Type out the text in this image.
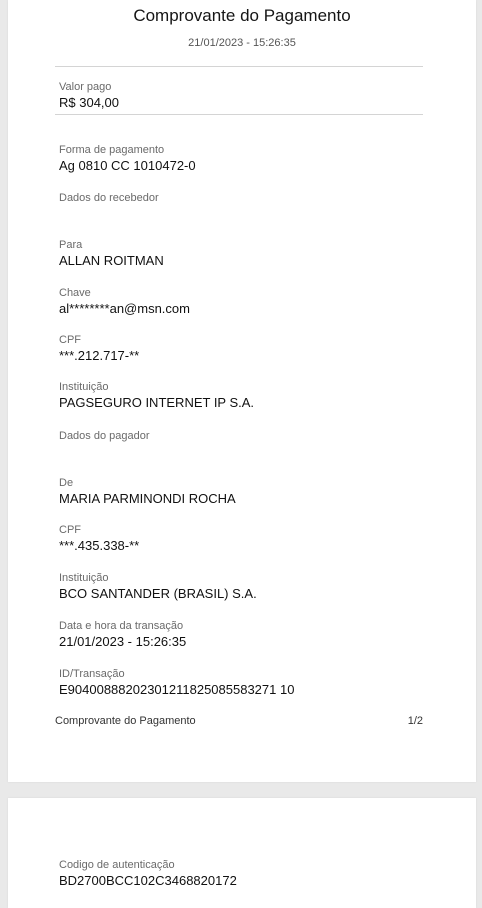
Comprovante do Pagamento
21/01/2023 - 15:26:35
Valor pago
R$ 304,00
Forma de pagamento
Ag 0810 CC 1010472-0
Dados do recebedor
Para
ALLAN ROITMAN
Chave
al********an@msn.com
CPF
***.212.717-**
Instituição
PAGSEGURO INTERNET IP S.A.
Dados do pagador
De
MARIA PARMINONDI ROCHA
CPF
***.435.338-**
Instituição
BCO SANTANDER (BRASIL) S.A.
Data e hora da transação
21/01/2023 - 15:26:35
ID/Transação
E90400888202301211825085583271 10
Comprovante do Pagamento	1/2
Codigo de autenticação
BD2700BCC102C3468820172
